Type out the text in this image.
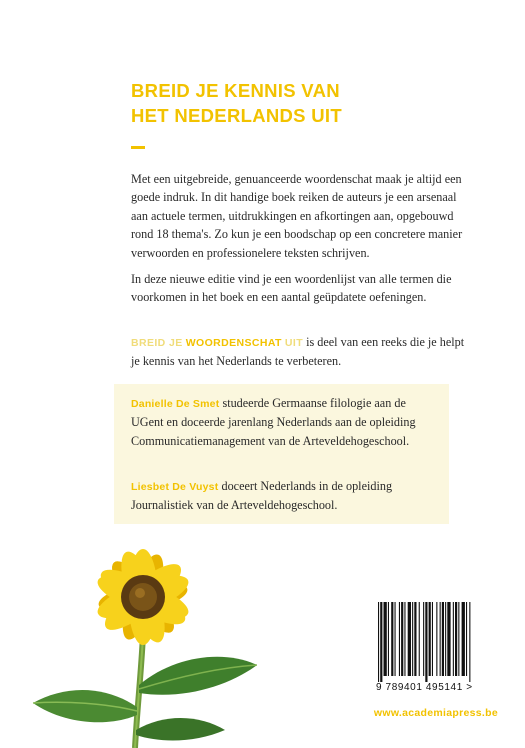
BREID JE KENNIS VAN
HET NEDERLANDS UIT

Met een uitgebreide, genuanceerde woordenschat maak je altijd een goede indruk. In dit handige boek reiken de auteurs je een arsenaal aan actuele termen, uitdrukkingen en afkortingen aan, opgebouwd rond 18 thema's. Zo kun je een boodschap op een concretere manier verwoorden en professionelere teksten schrijven.

In deze nieuwe editie vind je een woordenlijst van alle termen die voorkomen in het boek en een aantal geüpdatete oefeningen.

BREID JE WOORDENSCHAT UIT is deel van een reeks die je helpt je kennis van het Nederlands te verbeteren.

Danielle De Smet studeerde Germaanse filologie aan de UGent en doceerde jarenlang Nederlands aan de opleiding Communicatiemanagement van de Arteveldehogeschool.

Liesbet De Vuyst doceert Nederlands in de opleiding Journalistiek van de Arteveldehogeschool.

9 789401 495141 >
www.academiapress.be
